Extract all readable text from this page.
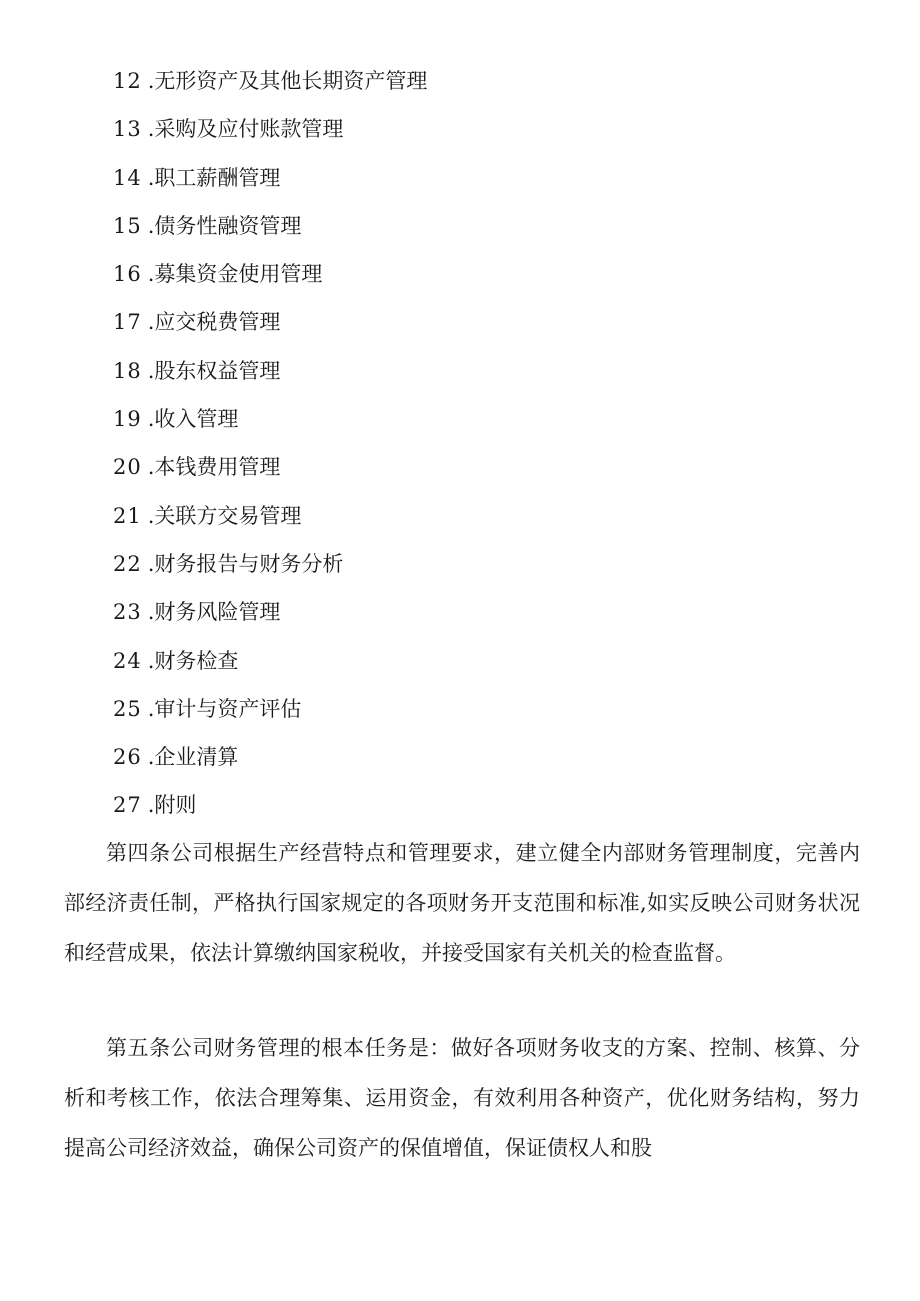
12 .无形资产及其他长期资产管理
13 .采购及应付账款管理
14 .职工薪酬管理
15 .债务性融资管理
16 .募集资金使用管理
17 .应交税费管理
18 .股东权益管理
19 .收入管理
20 .本钱费用管理
21 .关联方交易管理
22 .财务报告与财务分析
23 .财务风险管理
24 .财务检查
25 .审计与资产评估
26 .企业清算
27 .附则

第四条公司根据生产经营特点和管理要求，建立健全内部财务管理制度，完善内部经济责任制，严格执行国家规定的各项财务开支范围和标准,如实反映公司财务状况和经营成果，依法计算缴纳国家税收，并接受国家有关机关的检查监督。

第五条公司财务管理的根本任务是：做好各项财务收支的方案、控制、核算、分析和考核工作，依法合理筹集、运用资金，有效利用各种资产，优化财务结构，努力提高公司经济效益，确保公司资产的保值增值，保证债权人和股
